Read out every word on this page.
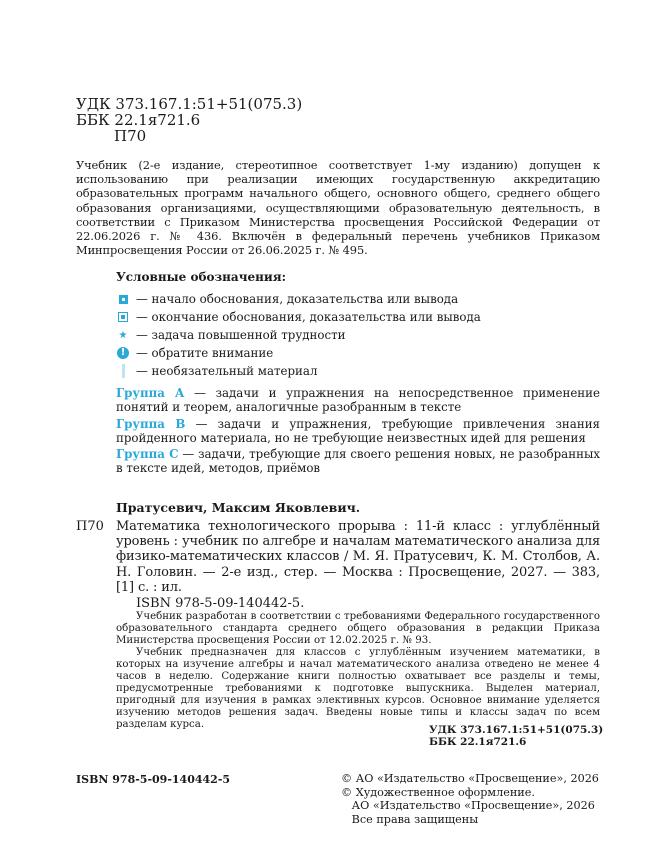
УДК 373.167.1:51+51(075.3)
ББК 22.1я721.6
П70
Учебник (2-е издание, стереотипное соответствует 1-му изданию) допущен к использованию при реализации имеющих государственную аккредитацию образовательных программ начального общего, основного общего, среднего общего образования организациями, осуществляющими образовательную деятельность, в соответствии с Приказом Министерства просвещения Российской Федерации от 22.06.2026 г. № 436. Включён в федеральный перечень учебников Приказом Минпросвещения России от 26.06.2025 г. № 495.
Условные обозначения:
— начало обоснования, доказательства или вывода
— окончание обоснования, доказательства или вывода
★ — задача повышенной трудности
! — обратите внимание
— необязательный материал
Группа А — задачи и упражнения на непосредственное применение понятий и теорем, аналогичные разобранным в тексте
Группа В — задачи и упражнения, требующие привлечения знания пройденного материала, но не требующие неизвестных идей для решения
Группа С — задачи, требующие для своего решения новых, не разобранных в тексте идей, методов, приёмов
Пратусевич, Максим Яковлевич.
П70 Математика технологического прорыва : 11-й класс : углублённый уровень : учебник по алгебре и началам математического анализа для физико-математических классов / М. Я. Пратусевич, К. М. Столбов, А. Н. Головин. — 2-е изд., стер. — Москва : Просвещение, 2027. — 383, [1] с. : ил.
ISBN 978-5-09-140442-5.

Учебник разработан в соответствии с требованиями Федерального государственного образовательного стандарта среднего общего образования в редакции Приказа Министерства просвещения России от 12.02.2025 г. № 93.

Учебник предназначен для классов с углублённым изучением математики, в которых на изучение алгебры и начал математического анализа отведено не менее 4 часов в неделю. Содержание книги полностью охватывает все разделы и темы, предусмотренные требованиями к подготовке выпускника. Выделен материал, пригодный для изучения в рамках элективных курсов. Основное внимание уделяется изучению методов решения задач. Введены новые типы и классы задач по всем разделам курса.	УДК 373.167.1:51+51(075.3)
ББК 22.1я721.6
ISBN 978-5-09-140442-5	© АО «Издательство «Просвещение», 2026
© Художественное оформление.
АО «Издательство «Просвещение», 2026
Все права защищены
